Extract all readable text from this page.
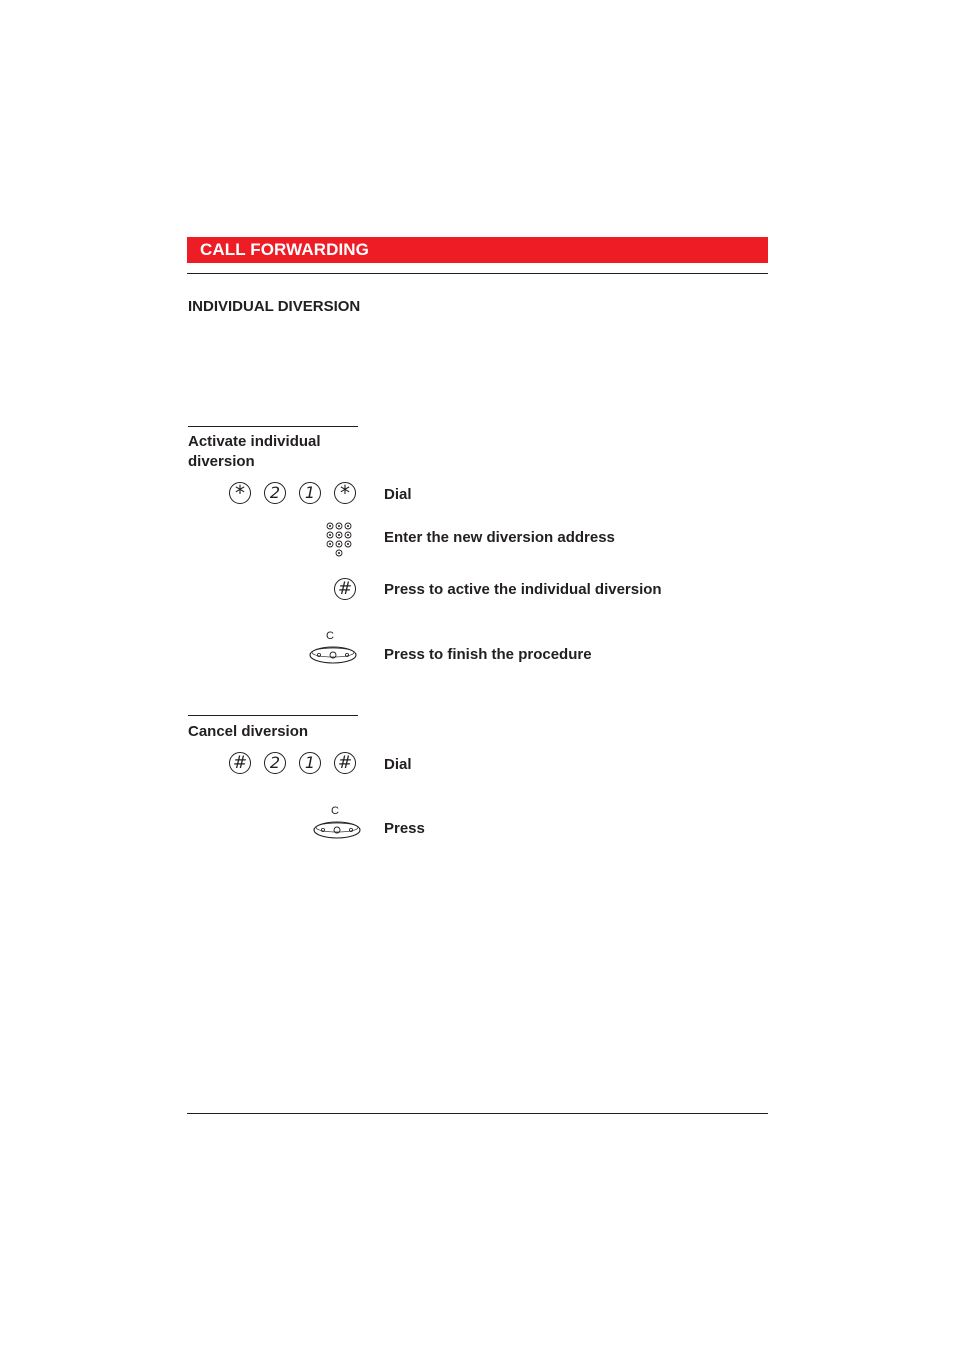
CALL FORWARDING
INDIVIDUAL DIVERSION
Activate individual
diversion
*	2	1	*	Dial
Enter the new diversion address
# Press to active the individual diversion
C
Press to finish the procedure
Cancel diversion
#	2	1	# Dial
C
Press
